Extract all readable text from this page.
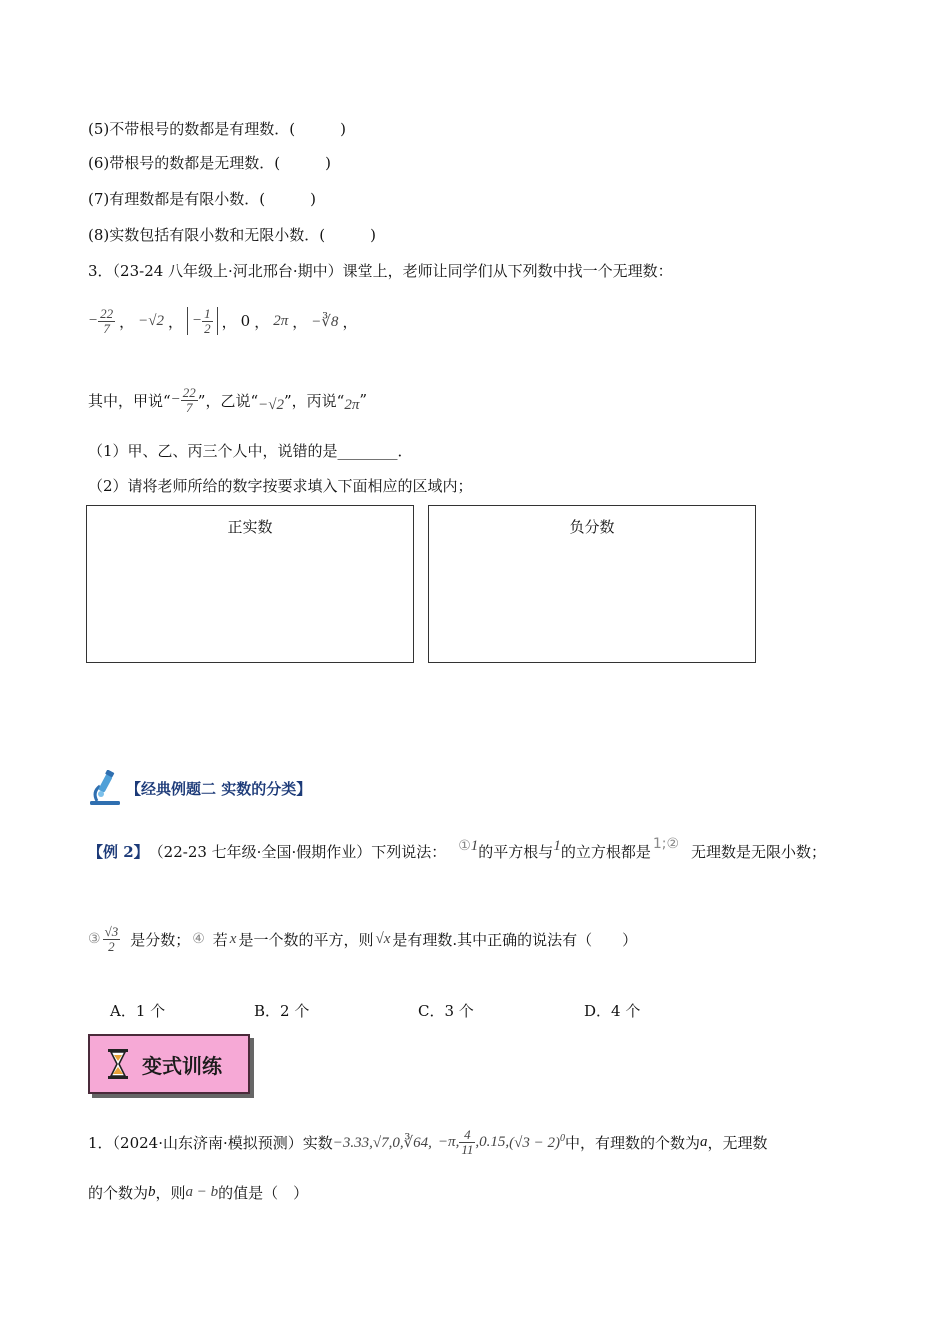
(5)不带根号的数都是有理数．(　　　)
(6)带根号的数都是无理数．(　　　)
(7)有理数都是有限小数．(　　　)
(8)实数包括有限小数和无限小数．(　　　)
3．（23-24 八年级上·河北邢台·期中）课堂上，老师让同学们从下列数中找一个无理数：
− $\frac{22}{7}$ ， −√2 ， − $\frac{1}{2}$ ， 0 ， 2π ， −∛8 ，
其中，甲说“ − $\frac{22}{7}$ ”，乙说“ −√2 ”，丙说“ 2π ”
（1）甲、乙、丙三个人中，说错的是________．
（2）请将老师所给的数字按要求填入下面相应的区域内；
正实数	负分数
【经典例题二 实数的分类】
【例 2】 （22-23 七年级·全国·假期作业）下列说法： ① 1 的平方根与 1 的立方根都是 1;② 无理数是无限小数；
③ $\frac{√3}{2}$ 是分数； ④ 若 x 是一个数的平方，则 √x 是有理数.其中正确的说法有（　　）
A．1 个	B．2 个	C．3 个	D．4 个
变式训练
1．（2024·山东济南·模拟预测）实数 −3.33,√7,0,∛64, −π, $\frac{4}{11} ,0.15$, $(√3 - 2)^0$ 中，有理数的个数为 a ，无理数
的个数为 b ，则 a − b 的值是（　）
